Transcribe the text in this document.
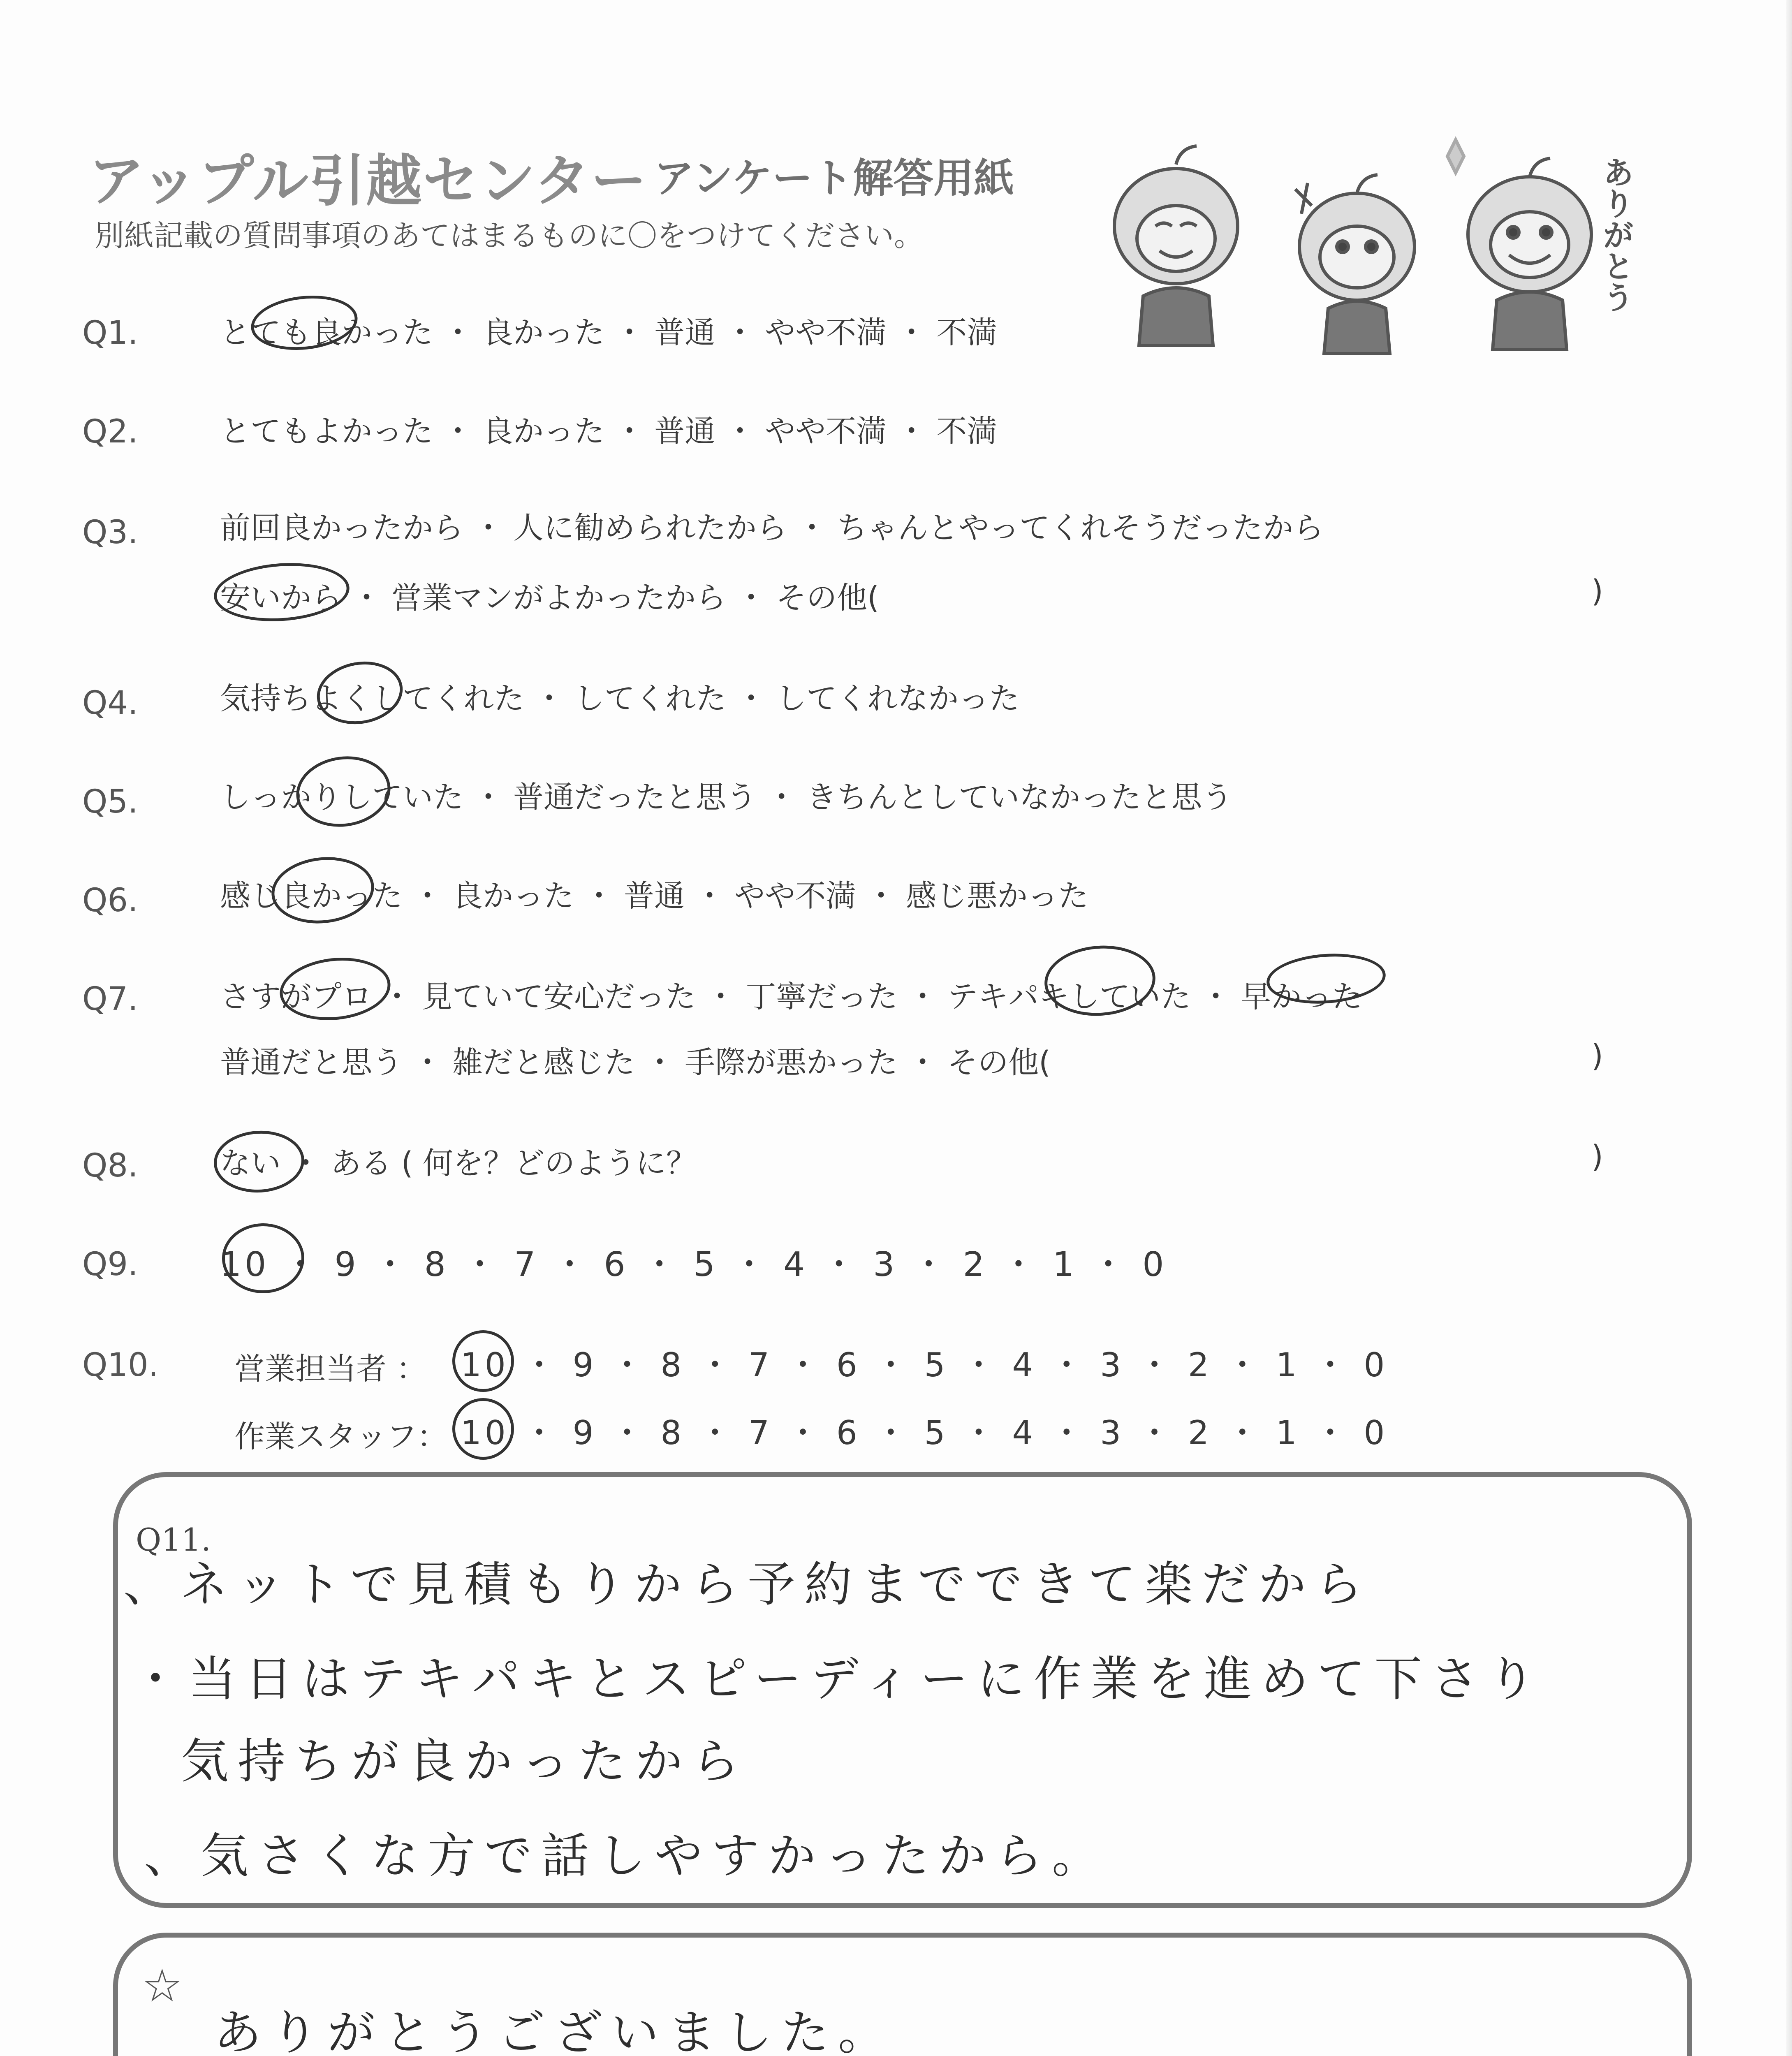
アップル引越センター アンケート解答用紙
別紙記載の質問事項のあてはまるものに〇をつけてください。	ありがとう
Q1.	とても良かった ・ 良かった ・ 普通 ・ やや不満 ・ 不満
Q2.	とてもよかった ・ 良かった ・ 普通 ・ やや不満 ・ 不満
Q3.	前回良かったから ・ 人に勧められたから ・ ちゃんとやってくれそうだったから
安いから ・ 営業マンがよかったから ・ その他(	)
Q4.	気持ちよくしてくれた ・ してくれた ・ してくれなかった
Q5.	しっかりしていた ・ 普通だったと思う ・ きちんとしていなかったと思う
Q6.	感じ良かった ・ 良かった ・ 普通 ・ やや不満 ・ 感じ悪かった
Q7.	さすがプロ ・ 見ていて安心だった ・ 丁寧だった ・ テキパキしていた ・ 早かった
普通だと思う ・ 雑だと感じた ・ 手際が悪かった ・ その他(	)
Q8.	ない ・ ある ( 何を？どのように？	)
Q9. 10 ・ 9 ・ 8 ・ 7 ・ 6 ・ 5 ・ 4 ・ 3 ・ 2 ・ 1 ・ 0
Q10. 営業担当者 ： 10 ・ 9 ・ 8 ・ 7 ・ 6 ・ 5 ・ 4 ・ 3 ・ 2 ・ 1 ・ 0
作業スタッフ： 10 ・ 9 ・ 8 ・ 7 ・ 6 ・ 5 ・ 4 ・ 3 ・ 2 ・ 1 ・ 0
Q11.
、ネットで見積もりから予約までできて楽だから
・当日はテキパキとスピーディーに作業を進めて下さり
気持ちが良かったから
、気さくな方で話しやすかったから。
☆
ありがとうございました。
